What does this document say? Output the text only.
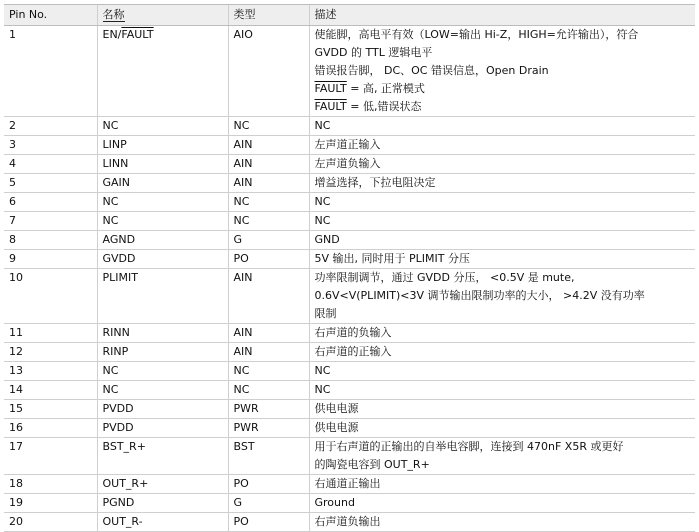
Pin No.	名称	类型	描述
1	EN/FAULT	AIO	使能脚，高电平有效（LOW=输出 Hi-Z，HIGH=允许输出），符合
GVDD 的 TTL 逻辑电平
错误报告脚， DC、OC 错误信息，Open Drain
FAULT = 高, 正常模式
FAULT = 低,错误状态

2	NC	NC	NC
3	LINP	AIN	左声道正输入
4	LINN	AIN	左声道负输入
5	GAIN	AIN	增益选择，下拉电阻决定
6	NC	NC	NC
7	NC	NC	NC
8	AGND	G	GND
9	GVDD	PO	5V 输出, 同时用于 PLIMIT 分压
10	PLIMIT	AIN	功率限制调节，通过 GVDD 分压， <0.5V 是 mute,
0.6V<V(PLIMIT)<3V 调节输出限制功率的大小， >4.2V 没有功率
限制

11	RINN	AIN	右声道的负输入
12	RINP	AIN	右声道的正输入
13	NC	NC	NC
14	NC	NC	NC
15	PVDD	PWR	供电电源
16	PVDD	PWR	供电电源
17	BST_R+	BST	用于右声道的正输出的自举电容脚，连接到 470nF X5R 或更好
的陶瓷电容到 OUT_R+

18	OUT_R+	PO	右通道正输出
19	PGND	G	Ground
20	OUT_R-	PO	右声道负输出
